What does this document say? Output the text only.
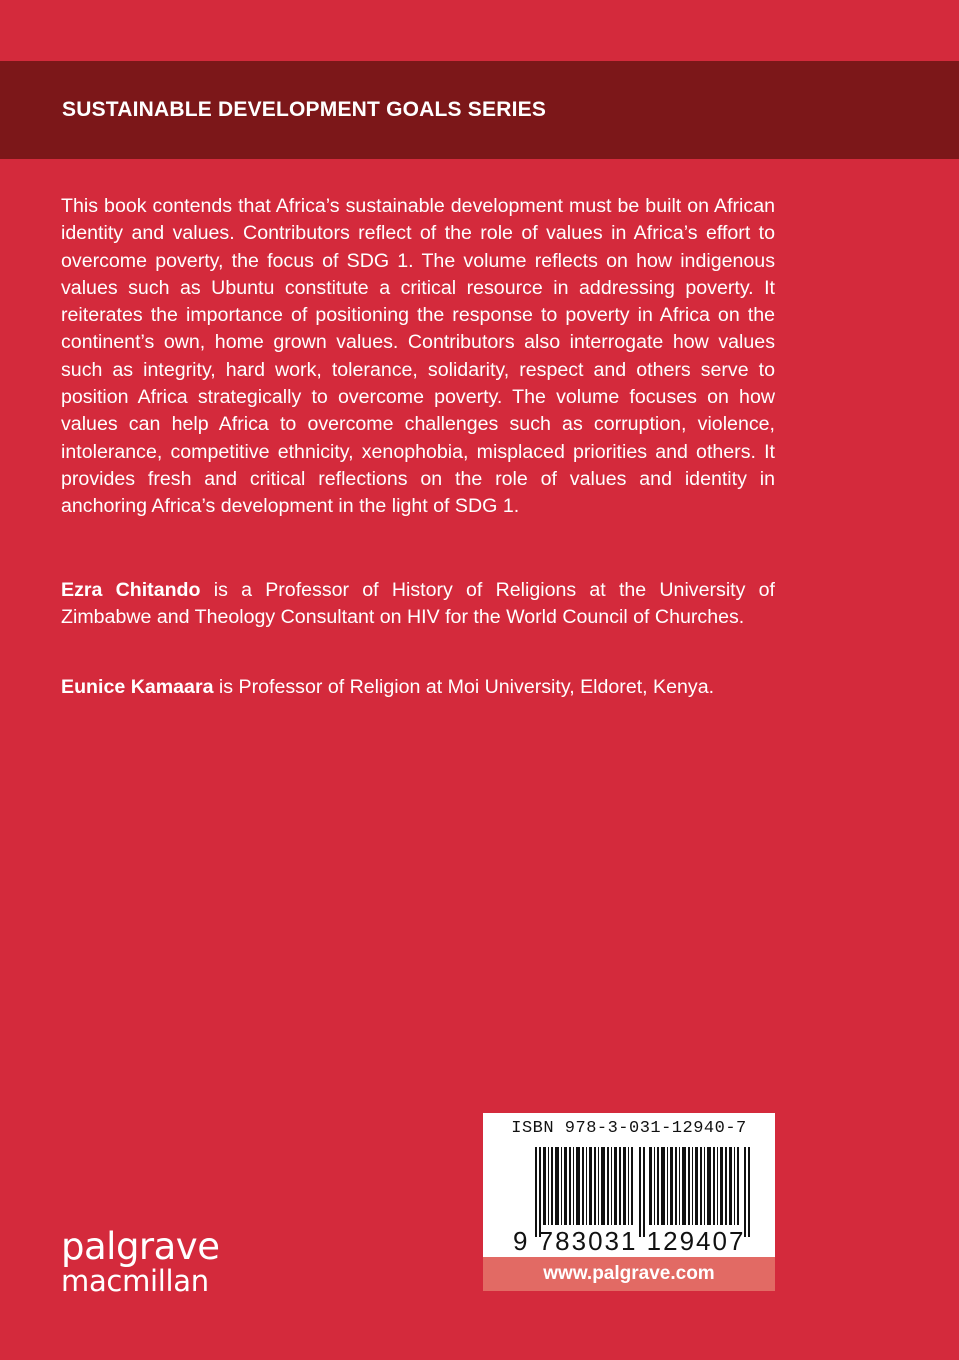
SUSTAINABLE DEVELOPMENT GOALS SERIES

This book contends that Africa’s sustainable development must be built on African identity and values. Contributors reflect of the role of values in Africa’s effort to overcome poverty, the focus of SDG 1. The volume reflects on how indigenous values such as Ubuntu constitute a critical resource in addressing poverty. It reiterates the importance of positioning the response to poverty in Africa on the continent’s own, home grown values. Contributors also interrogate how values such as integrity, hard work, tolerance, solidarity, respect and others serve to position Africa strategically to overcome poverty. The volume focuses on how values can help Africa to overcome challenges such as corruption, violence, intolerance, competitive ethnicity, xenophobia, misplaced priorities and others. It provides fresh and critical reflections on the role of values and identity in anchoring Africa’s development in the light of SDG 1.

Ezra Chitando is a Professor of History of Religions at the University of Zimbabwe and Theology Consultant on HIV for the World Council of Churches.

Eunice Kamaara is Professor of Religion at Moi University, Eldoret, Kenya.

palgrave
macmillan
ISBN 978-3-031-12940-7
9 783031 129407
www.palgrave.com
